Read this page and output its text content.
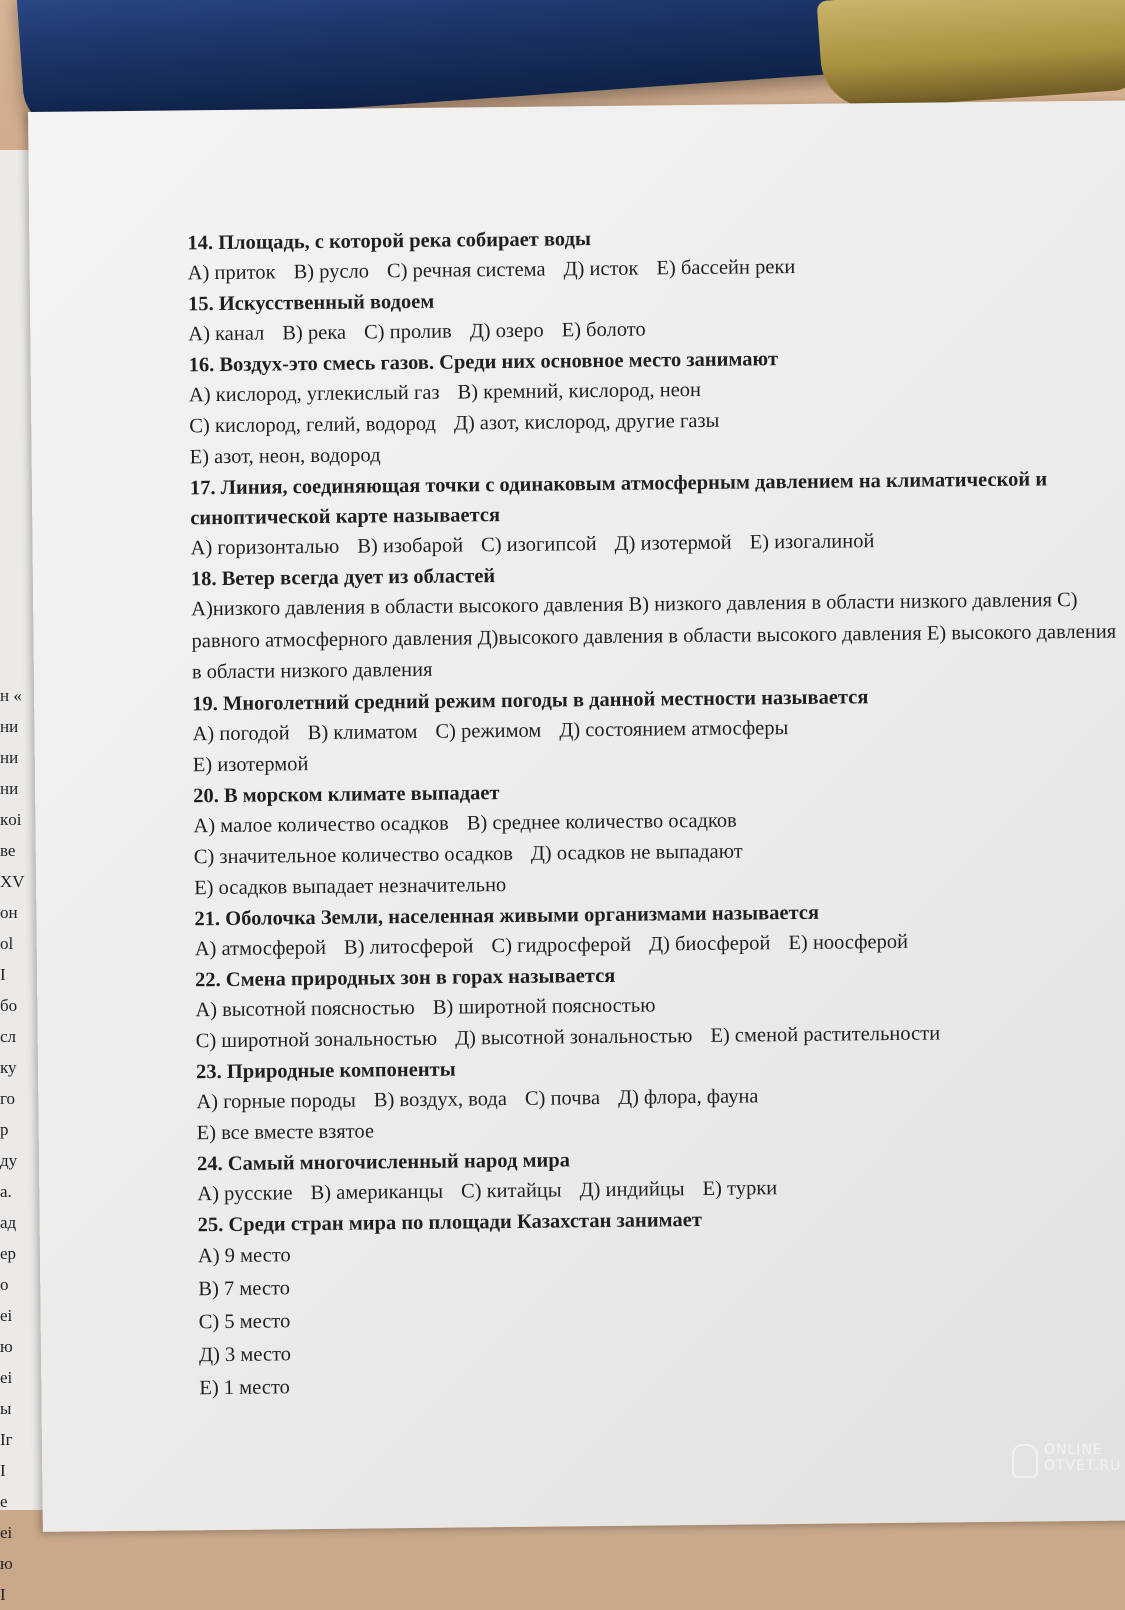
н «
ни
ни
ни
кoi
ве
XV
он
ol
I
бо
сл
ку
го
р
ду
а.
ад
ep
o
ei
ю
ei
ы
Iг
I
e
ei
ю
I

14. Площадь, с которой река собирает воды

A) приток В) русло С) речная система Д) исток Е) бассейн реки

15. Искусственный водоем

А) канал В) река С) пролив Д) озеро Е) болото

16. Воздух-это смесь газов. Среди них основное место занимают

А) кислород, углекислый газ В) кремний, кислород, неон

С) кислород, гелий, водород Д) азот, кислород, другие газы

Е) азот, неон, водород

17. Линия, соединяющая точки с одинаковым атмосферным давлением на климатической и синоптической карте называется

А) горизонталью В) изобарой С) изогипсой Д) изотермой Е) изогалиной

18. Ветер всегда дует из областей

А)низкого давления в области высокого давления В) низкого давления в области низкого давления С) равного атмосферного давления Д)высокого давления в области высокого давления Е) высокого давления в области низкого давления

19. Многолетний средний режим погоды в данной местности называется

А) погодой В) климатом С) режимом Д) состоянием атмосферы

Е) изотермой

20. В морском климате выпадает

А) малое количество осадков В) среднее количество осадков

С) значительное количество осадков Д) осадков не выпадают

Е) осадков выпадает незначительно

21. Оболочка Земли, населенная живыми организмами называется

А) атмосферой В) литосферой С) гидросферой Д) биосферой Е) ноосферой

22. Смена природных зон в горах называется

А) высотной поясностью В) широтной поясностью

С) широтной зональностью Д) высотной зональностью Е) сменой растительности

23. Природные компоненты

А) горные породы В) воздух, вода С) почва Д) флора, фауна

Е) все вместе взятое

24. Самый многочисленный народ мира

А) русские В) американцы С) китайцы Д) индийцы Е) турки

25. Среди стран мира по площади Казахстан занимает

А) 9 место
В) 7 место
С) 5 место
Д) 3 место
Е) 1 место
ONLINE
OTVET.RU
